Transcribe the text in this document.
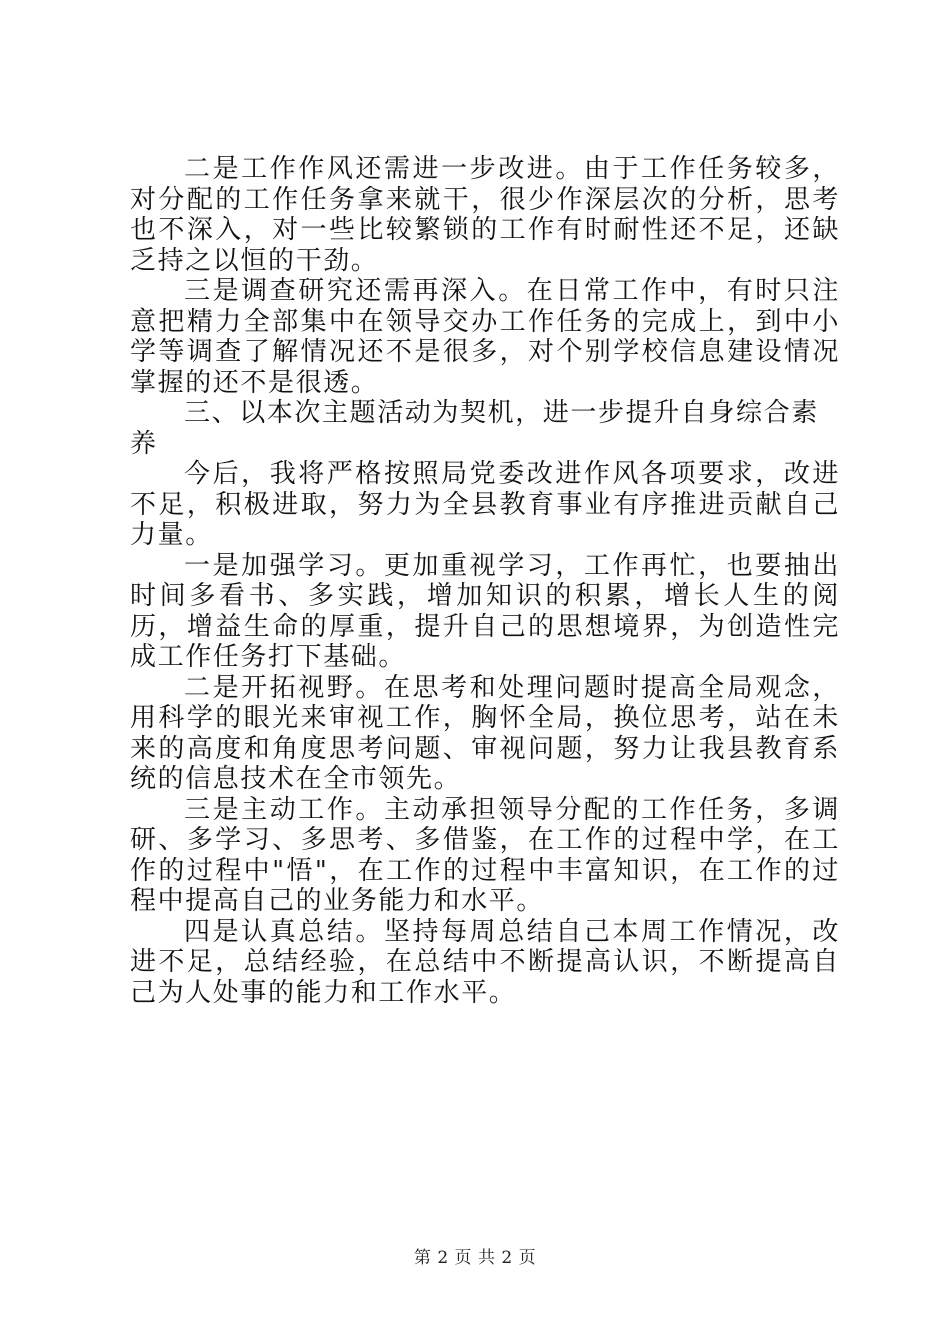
二是工作作风还需进一步改进。由于工作任务较多，对分配的工作任务拿来就干，很少作深层次的分析，思考也不深入，对一些比较繁锁的工作有时耐性还不足，还缺乏持之以恒的干劲。

三是调查研究还需再深入。在日常工作中，有时只注意把精力全部集中在领导交办工作任务的完成上，到中小学等调查了解情况还不是很多，对个别学校信息建设情况掌握的还不是很透。

三、以本次主题活动为契机，进一步提升自身综合素养

今后，我将严格按照局党委改进作风各项要求，改进不足，积极进取，努力为全县教育事业有序推进贡献自己力量。

一是加强学习。更加重视学习，工作再忙，也要抽出时间多看书、多实践，增加知识的积累，增长人生的阅历，增益生命的厚重，提升自己的思想境界，为创造性完成工作任务打下基础。

二是开拓视野。在思考和处理问题时提高全局观念，用科学的眼光来审视工作，胸怀全局，换位思考，站在未来的高度和角度思考问题、审视问题，努力让我县教育系统的信息技术在全市领先。

三是主动工作。主动承担领导分配的工作任务，多调研、多学习、多思考、多借鉴，在工作的过程中学，在工作的过程中"悟"，在工作的过程中丰富知识，在工作的过程中提高自己的业务能力和水平。

四是认真总结。坚持每周总结自己本周工作情况，改进不足，总结经验，在总结中不断提高认识，不断提高自己为人处事的能力和工作水平。

第 2 页 共 2 页
